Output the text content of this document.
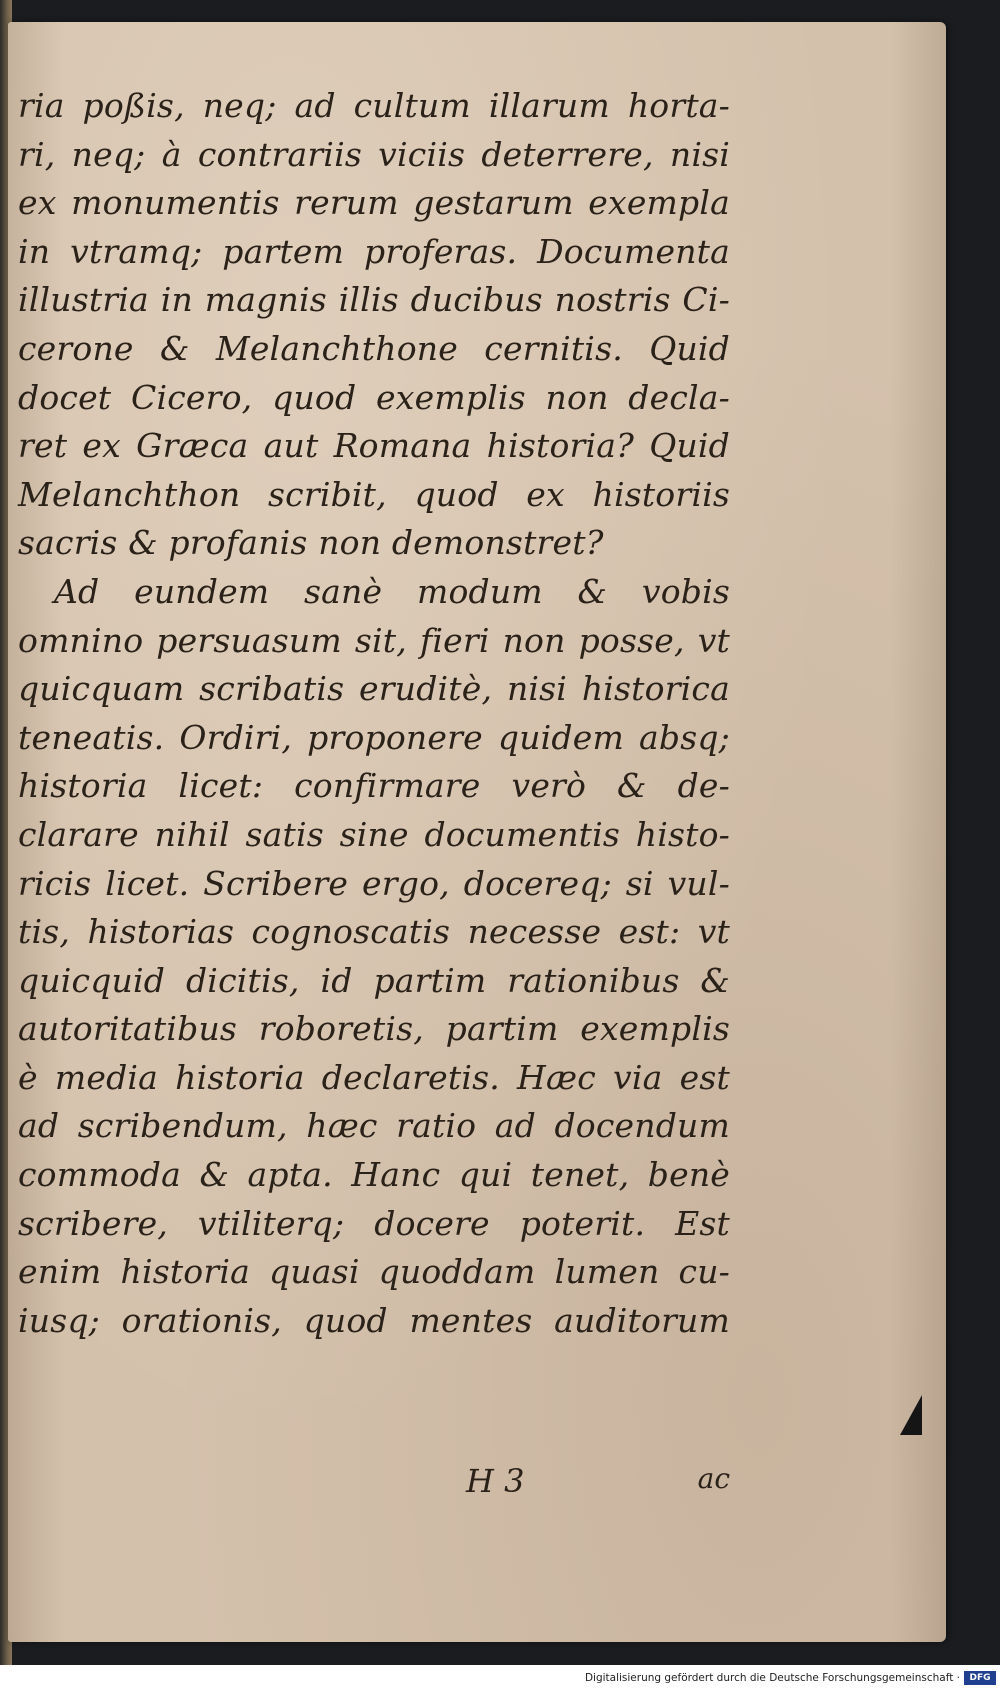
ria poßis, neq; ad cultum illarum horta-
ri, neq; à contrariis viciis deterrere, nisi
ex monumentis rerum gestarum exempla
in vtramq; partem proferas. Documenta
illustria in magnis illis ducibus nostris Ci-
cerone & Melanchthone cernitis. Quid
docet Cicero, quod exemplis non decla-
ret ex Græca aut Romana historia? Quid
Melanchthon scribit, quod ex historiis
sacris & profanis non demonstret?
Ad eundem sanè modum & vobis
omnino persuasum sit, fieri non posse, vt
quicquam scribatis eruditè, nisi historica
teneatis. Ordiri, proponere quidem absq;
historia licet: confirmare verò & de-
clarare nihil satis sine documentis histo-
ricis licet. Scribere ergo, docereq; si vul-
tis, historias cognoscatis necesse est: vt
quicquid dicitis, id partim rationibus &
autoritatibus roboretis, partim exemplis
è media historia declaretis. Hæc via est
ad scribendum, hæc ratio ad docendum
commoda & apta. Hanc qui tenet, benè
scribere, vtiliterq; docere poterit. Est
enim historia quasi quoddam lumen cu-
iusq; orationis, quod mentes auditorum
H 3	ac
Digitalisierung gefördert durch die Deutsche Forschungsgemeinschaft ·	DFG
